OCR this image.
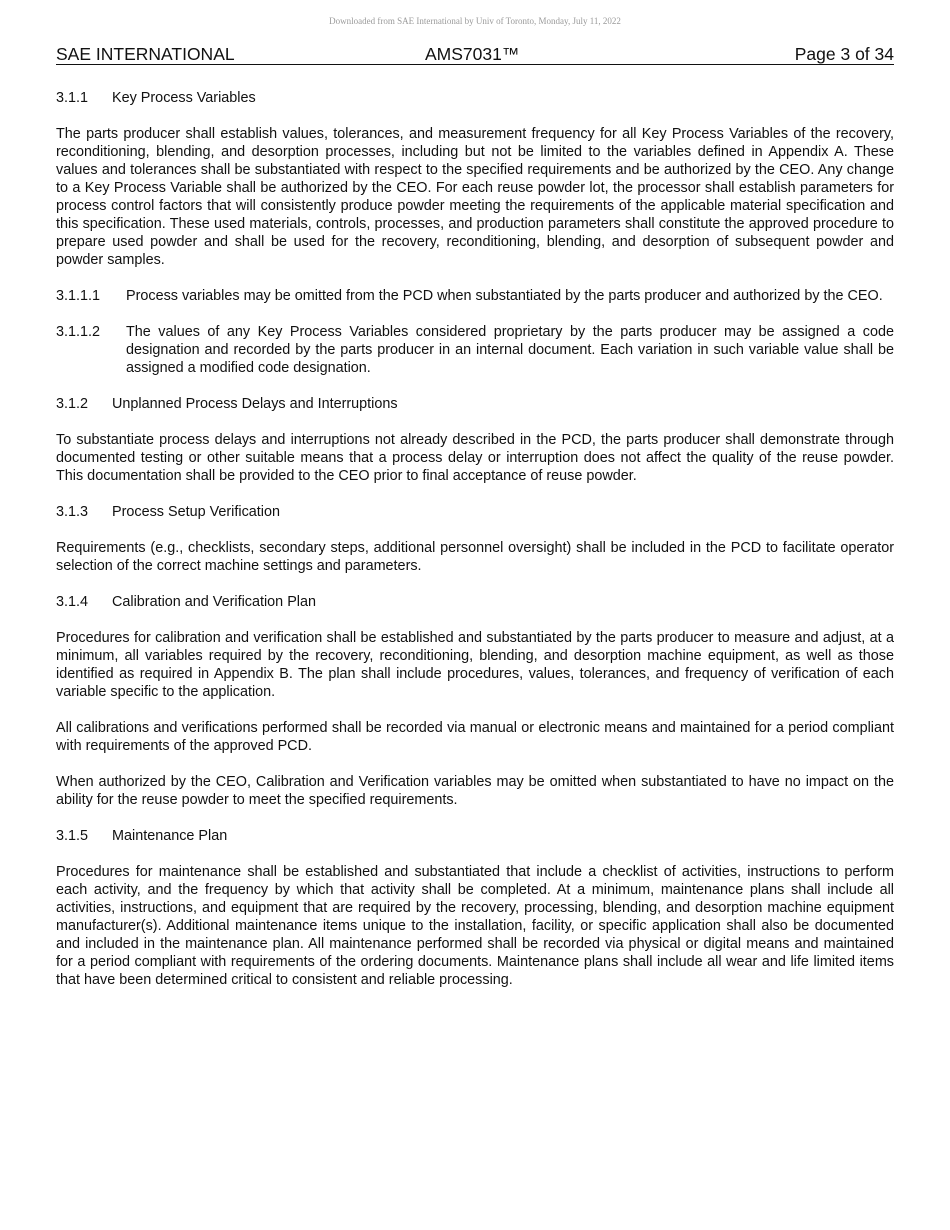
Downloaded from SAE International by Univ of Toronto, Monday, July 11, 2022
SAE INTERNATIONAL	AMS7031™	Page 3 of 34
3.1.1 Key Process Variables

The parts producer shall establish values, tolerances, and measurement frequency for all Key Process Variables of the recovery, reconditioning, blending, and desorption processes, including but not be limited to the variables defined in Appendix A. These values and tolerances shall be substantiated with respect to the specified requirements and be authorized by the CEO. Any change to a Key Process Variable shall be authorized by the CEO. For each reuse powder lot, the processor shall establish parameters for process control factors that will consistently produce powder meeting the requirements of the applicable material specification and this specification. These used materials, controls, processes, and production parameters shall constitute the approved procedure to prepare used powder and shall be used for the recovery, reconditioning, blending, and desorption of subsequent powder and powder samples.

3.1.1.1 Process variables may be omitted from the PCD when substantiated by the parts producer and authorized by the CEO.
3.1.1.2 The values of any Key Process Variables considered proprietary by the parts producer may be assigned a code designation and recorded by the parts producer in an internal document. Each variation in such variable value shall be assigned a modified code designation.
3.1.2 Unplanned Process Delays and Interruptions

To substantiate process delays and interruptions not already described in the PCD, the parts producer shall demonstrate through documented testing or other suitable means that a process delay or interruption does not affect the quality of the reuse powder. This documentation shall be provided to the CEO prior to final acceptance of reuse powder.

3.1.3 Process Setup Verification

Requirements (e.g., checklists, secondary steps, additional personnel oversight) shall be included in the PCD to facilitate operator selection of the correct machine settings and parameters.

3.1.4 Calibration and Verification Plan

Procedures for calibration and verification shall be established and substantiated by the parts producer to measure and adjust, at a minimum, all variables required by the recovery, reconditioning, blending, and desorption machine equipment, as well as those identified as required in Appendix B. The plan shall include procedures, values, tolerances, and frequency of verification of each variable specific to the application.

All calibrations and verifications performed shall be recorded via manual or electronic means and maintained for a period compliant with requirements of the approved PCD.

When authorized by the CEO, Calibration and Verification variables may be omitted when substantiated to have no impact on the ability for the reuse powder to meet the specified requirements.

3.1.5 Maintenance Plan

Procedures for maintenance shall be established and substantiated that include a checklist of activities, instructions to perform each activity, and the frequency by which that activity shall be completed. At a minimum, maintenance plans shall include all activities, instructions, and equipment that are required by the recovery, processing, blending, and desorption machine equipment manufacturer(s). Additional maintenance items unique to the installation, facility, or specific application shall also be documented and included in the maintenance plan. All maintenance performed shall be recorded via physical or digital means and maintained for a period compliant with requirements of the ordering documents. Maintenance plans shall include all wear and life limited items that have been determined critical to consistent and reliable processing.
